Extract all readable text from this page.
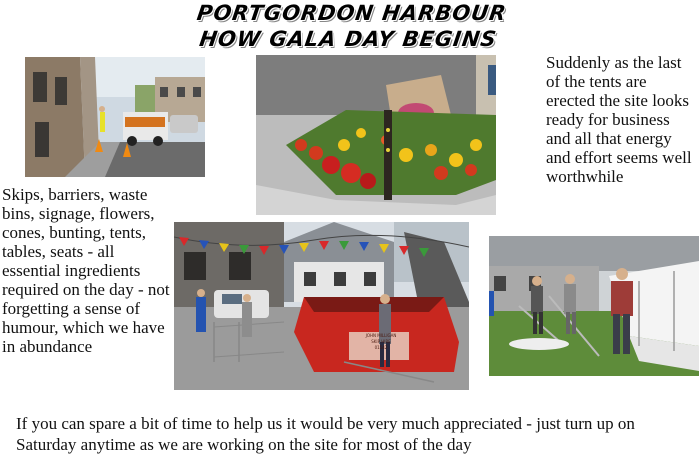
PORTGORDON HARBOUR
HOW GALA DAY BEGINS
Suddenly as the last of the tents are erected the site looks ready for business and all that energy and effort seems well worthwhile
Skips, barriers, waste bins, signage, flowers, cones, bunting, tents, tables, seats - all essential ingredients required on the day - not forgetting a sense of humour, which we have in abundance
JOHN MILLIGAN
SKIP HIRE
01542
If you can spare a bit of time to help us it would be very much appreciated - just turn up on Saturday anytime as we are working on the site for most of the day
